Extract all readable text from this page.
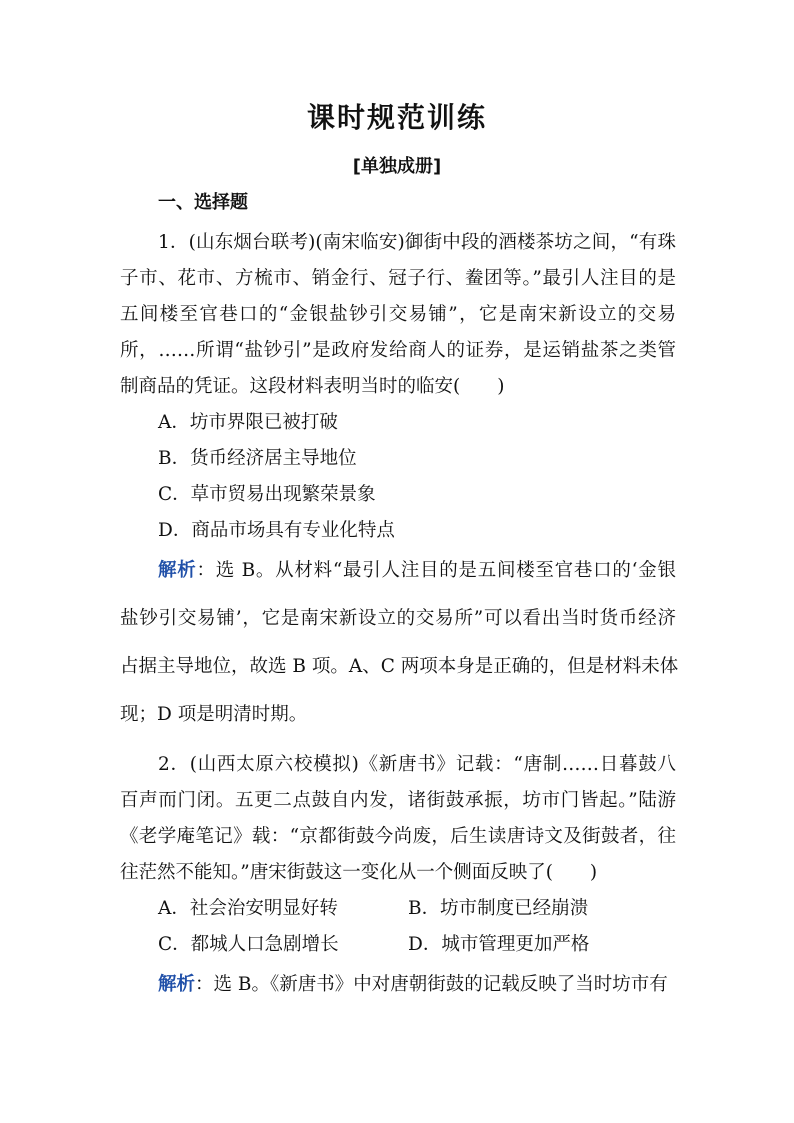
课时规范训练
[单独成册]
一、选择题
1．(山东烟台联考)(南宋临安)御街中段的酒楼茶坊之间，“有珠
子市、花市、方梳市、销金行、冠子行、鲞团等。”最引人注目的是
五间楼至官巷口的“金银盐钞引交易铺”，它是南宋新设立的交易
所，……所谓“盐钞引”是政府发给商人的证券，是运销盐茶之类管
制商品的凭证。这段材料表明当时的临安(　　)
A．坊市界限已被打破
B．货币经济居主导地位
C．草市贸易出现繁荣景象
D．商品市场具有专业化特点
解析：选 B。从材料“最引人注目的是五间楼至官巷口的‘金银
盐钞引交易铺’，它是南宋新设立的交易所”可以看出当时货币经济
占据主导地位，故选 B 项。A、C 两项本身是正确的，但是材料未体
现；D 项是明清时期。
2．(山西太原六校模拟)《新唐书》记载：“唐制……日暮鼓八
百声而门闭。五更二点鼓自内发，诸街鼓承振，坊市门皆起。”陆游
《老学庵笔记》载：“京都街鼓今尚废，后生读唐诗文及街鼓者，往
往茫然不能知。”唐宋街鼓这一变化从一个侧面反映了(　　)
A．社会治安明显好转	B．坊市制度已经崩溃
C．都城人口急剧增长	D．城市管理更加严格
解析：选 B。《新唐书》中对唐朝街鼓的记载反映了当时坊市有
